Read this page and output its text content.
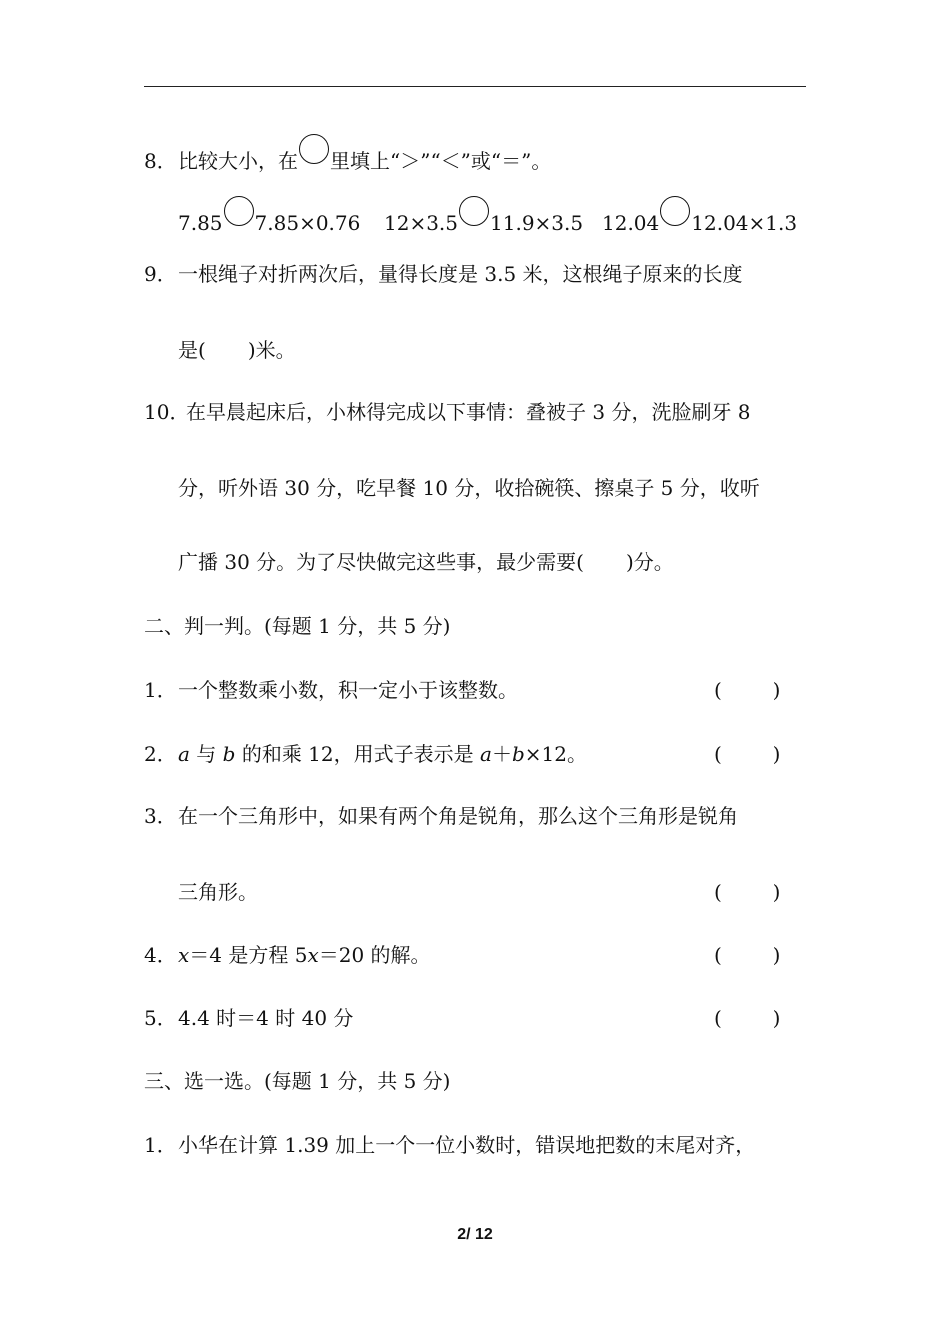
8．比较大小，在 里填上“＞”“＜”或“＝”。
7.85 7.85×0.76 12×3.5 11.9×3.5 12.04 12.04×1.3
9．一根绳子对折两次后，量得长度是 3.5 米，这根绳子原来的长度
是( )米。
10．在早晨起床后，小林得完成以下事情：叠被子 3 分，洗脸刷牙 8
分，听外语 30 分，吃早餐 10 分，收拾碗筷、擦桌子 5 分，收听
广播 30 分。为了尽快做完这些事，最少需要( )分。
二、判一判。(每题 1 分，共 5 分)
1．一个整数乘小数，积一定小于该整数。	(        )
2．a 与 b 的和乘 12，用式子表示是 a＋b×12。	(        )
3．在一个三角形中，如果有两个角是锐角，那么这个三角形是锐角
三角形。	(        )
4．x＝4 是方程 5x＝20 的解。	(        )
5．4.4 时＝4 时 40 分	(        )
三、选一选。(每题 1 分，共 5 分)
1．小华在计算 1.39 加上一个一位小数时，错误地把数的末尾对齐，
2/ 12
